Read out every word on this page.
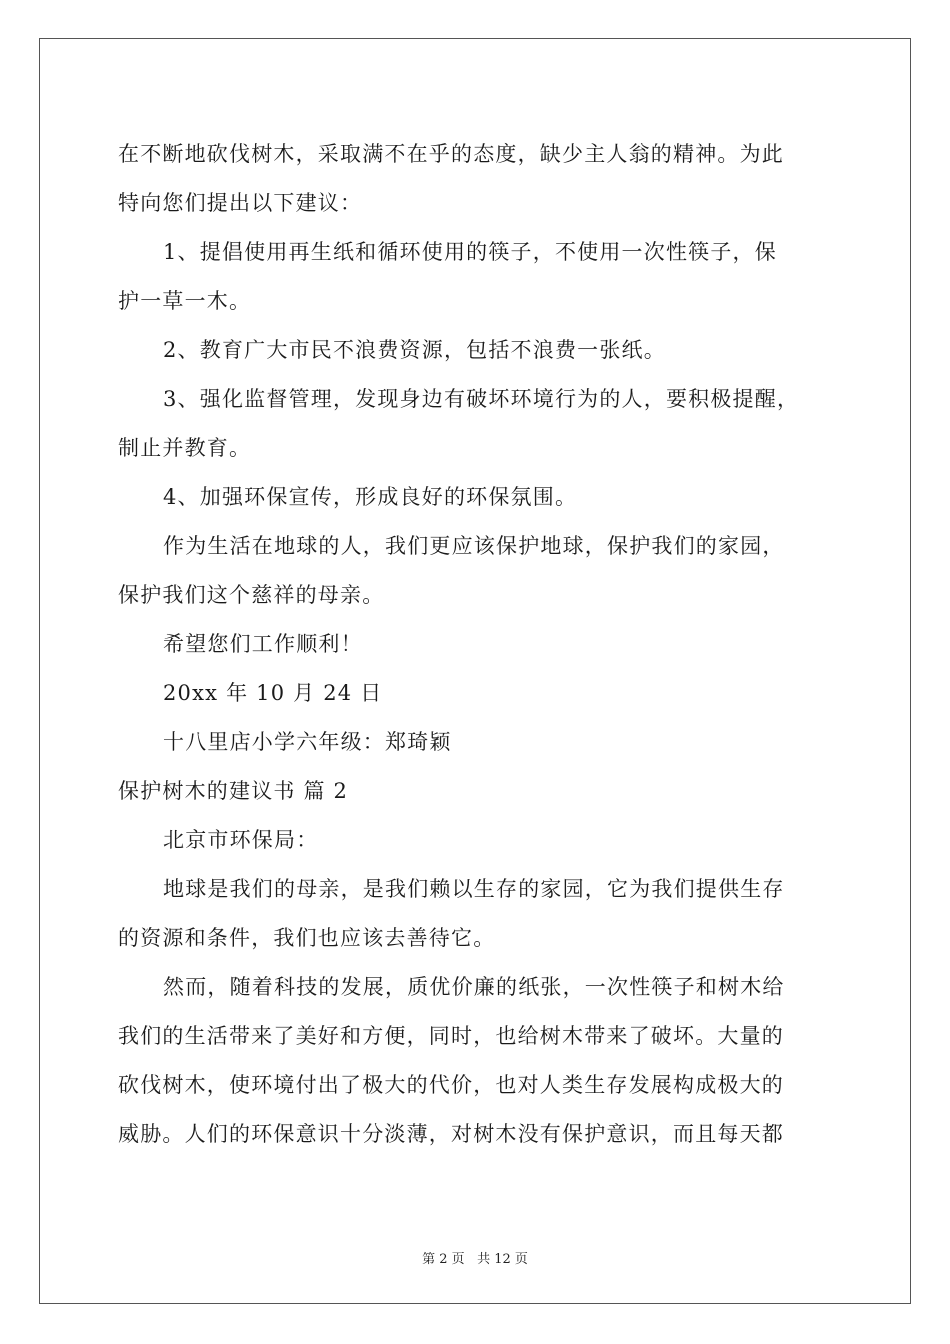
在不断地砍伐树木，采取满不在乎的态度，缺少主人翁的精神。为此

特向您们提出以下建议：

1、提倡使用再生纸和循环使用的筷子，不使用一次性筷子，保

护一草一木。

2、教育广大市民不浪费资源，包括不浪费一张纸。

3、强化监督管理，发现身边有破坏环境行为的人，要积极提醒，

制止并教育。

4、加强环保宣传，形成良好的环保氛围。

作为生活在地球的人，我们更应该保护地球，保护我们的家园，

保护我们这个慈祥的母亲。

希望您们工作顺利！

20xx 年 10 月 24 日

十八里店小学六年级：郑琦颖

保护树木的建议书 篇 2

北京市环保局：

地球是我们的母亲，是我们赖以生存的家园，它为我们提供生存

的资源和条件，我们也应该去善待它。

然而，随着科技的发展，质优价廉的纸张，一次性筷子和树木给

我们的生活带来了美好和方便，同时，也给树木带来了破坏。大量的

砍伐树木，使环境付出了极大的代价，也对人类生存发展构成极大的

威胁。人们的环保意识十分淡薄，对树木没有保护意识，而且每天都

第 2 页 共 12 页
